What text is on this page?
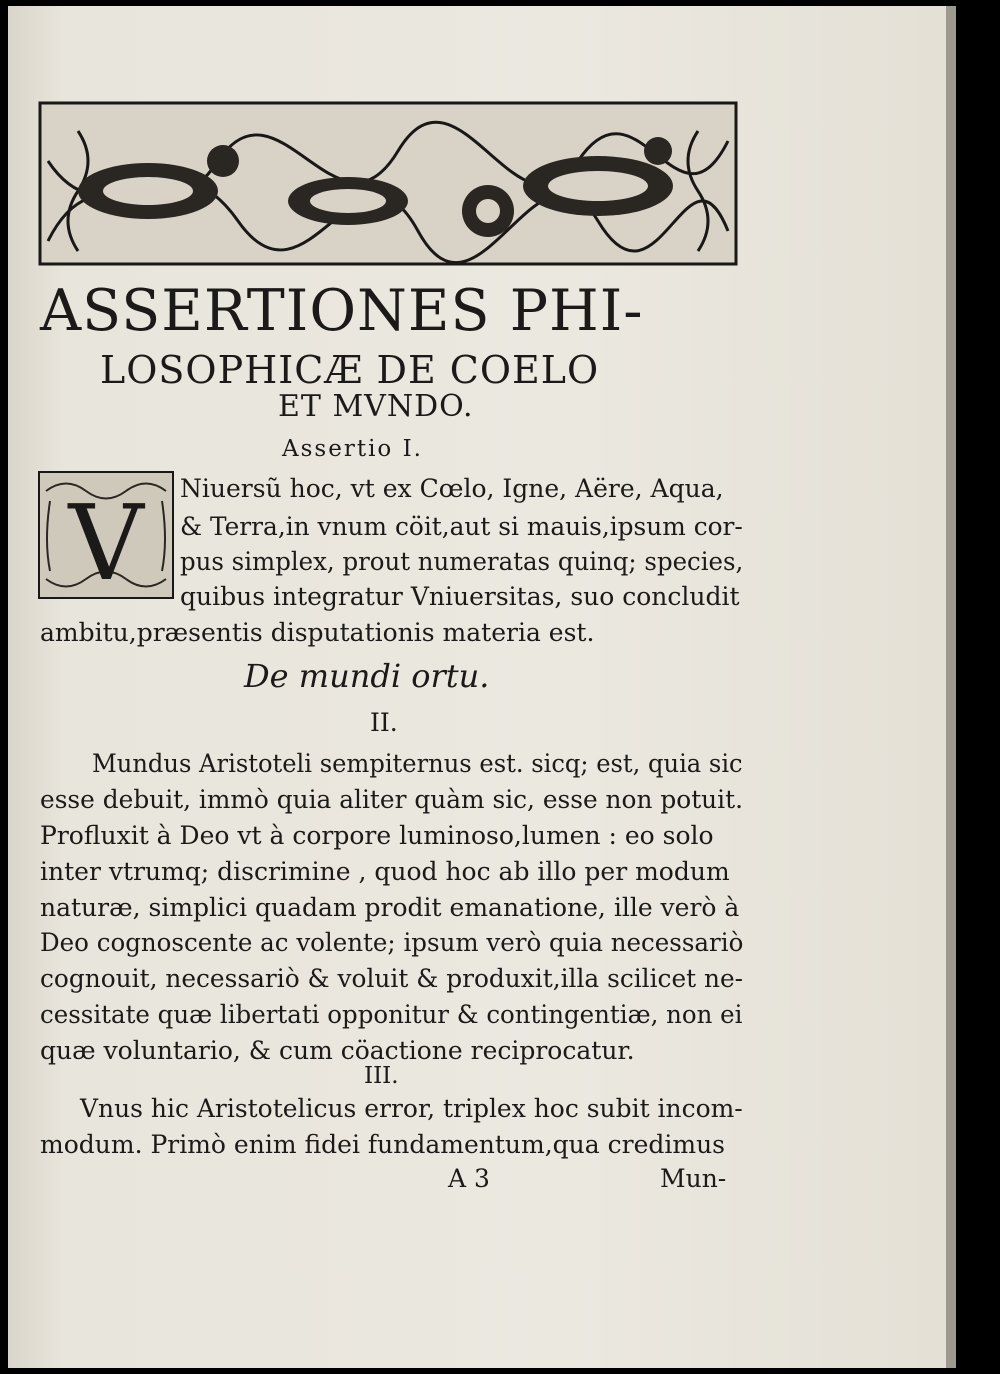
ASSERTIONES PHI-
LOSOPHICÆ DE COELO
ET MVNDO.
Assertio I.
V Niuersũ hoc, vt ex Cœlo, Igne, Aëre, Aqua,
& Terra,in vnum cöit,aut si mauis,ipsum cor-
pus simplex, prout numeratas quinq; species,
quibus integratur Vniuersitas, suo concludit
ambitu,præsentis disputationis materia est.
De mundi ortu.
II.
Mundus Aristoteli sempiternus est. sicq; est, quia sic
esse debuit, immò quia aliter quàm sic, esse non potuit.
Profluxit à Deo vt à corpore luminoso,lumen : eo solo
inter vtrumq; discrimine , quod hoc ab illo per modum
naturæ, simplici quadam prodit emanatione, ille verò à
Deo cognoscente ac volente; ipsum verò quia necessariò
cognouit, necessariò & voluit & produxit,illa scilicet ne-
cessitate quæ libertati opponitur & contingentiæ, non ei
quæ voluntario, & cum cöactione reciprocatur.
III.
Vnus hic Aristotelicus error, triplex hoc subit incom-
modum. Primò enim fidei fundamentum,qua credimus
A 3	Mun-
